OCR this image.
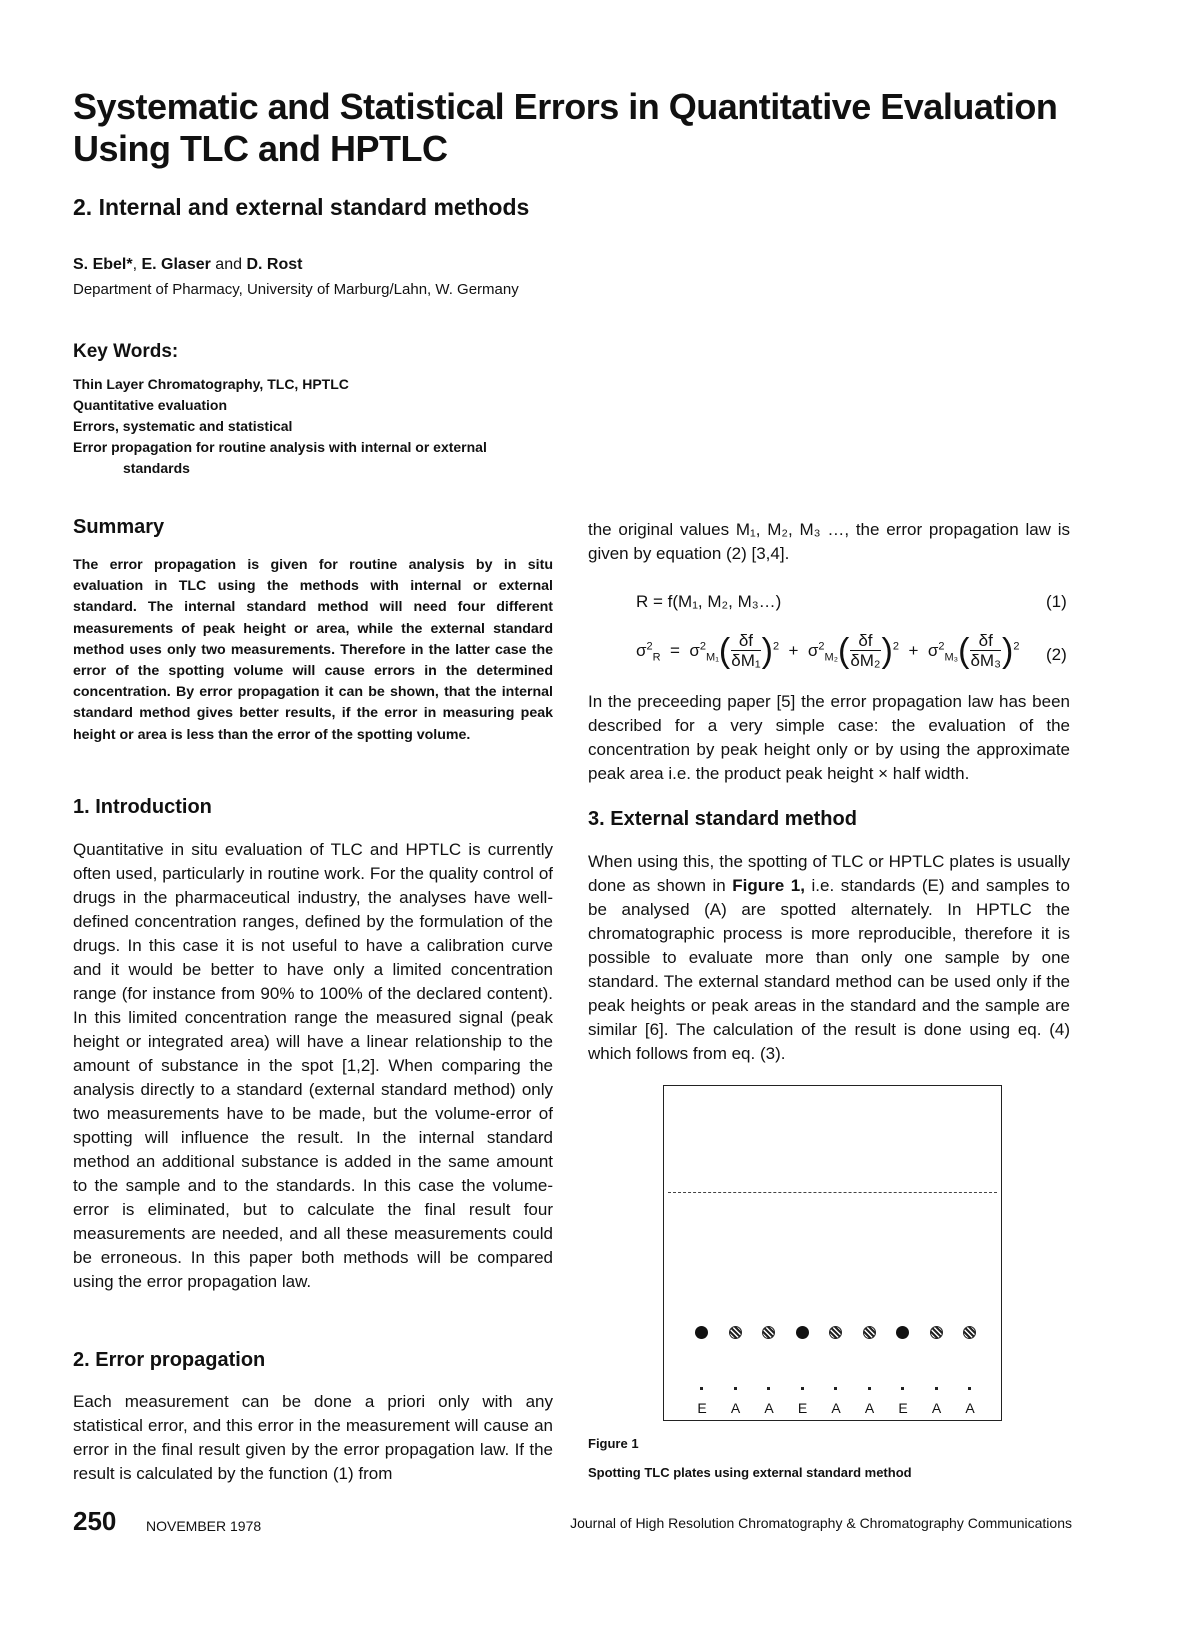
Systematic and Statistical Errors in Quantitative Evaluation Using TLC and HPTLC
2. Internal and external standard methods
S. Ebel*, E. Glaser and D. Rost
Department of Pharmacy, University of Marburg/Lahn, W. Germany
Key Words:
Thin Layer Chromatography, TLC, HPTLC
Quantitative evaluation
Errors, systematic and statistical
Error propagation for routine analysis with internal or external
standards
Summary
The error propagation is given for routine analysis by in situ evaluation in TLC using the methods with internal or external standard. The internal standard method will need four different measurements of peak height or area, while the external standard method uses only two measurements. Therefore in the latter case the error of the spotting volume will cause errors in the determined concentration. By error propagation it can be shown, that the internal standard method gives better results, if the error in measuring peak height or area is less than the error of the spotting volume.
1. Introduction
Quantitative in situ evaluation of TLC and HPTLC is currently often used, particularly in routine work. For the quality control of drugs in the pharmaceutical industry, the analyses have well-defined concentration ranges, defined by the formulation of the drugs. In this case it is not useful to have a calibration curve and it would be better to have only a limited concentration range (for instance from 90% to 100% of the declared content). In this limited concentration range the measured signal (peak height or integrated area) will have a linear relationship to the amount of substance in the spot [1,2]. When comparing the analysis directly to a standard (external standard method) only two measurements have to be made, but the volume-error of spotting will influence the result. In the internal standard method an additional substance is added in the same amount to the sample and to the standards. In this case the volume-error is eliminated, but to calculate the final result four measurements are needed, and all these measurements could be erroneous. In this paper both methods will be compared using the error propagation law.
2. Error propagation
Each measurement can be done a priori only with any statistical error, and this error in the measurement will cause an error in the final result given by the error propagation law. If the result is calculated by the function (1) from
the original values M₁, M₂, M₃ …, the error propagation law is given by equation (2) [3,4].
R = f(M₁, M₂, M₃…)	(1)
$\sigma^2_R = \sigma^2_{M_1}( \frac{\delta f}{\text{δM₁}} )^2 + \sigma^2_{M_2}( \frac{\delta f}{\text{δM₂}} )^2 + \sigma^2_{M_3}( \frac{\delta f}{\text{δM₃}} )^2$ (2)
In the preceeding paper [5] the error propagation law has been described for a very simple case: the evaluation of the concentration by peak height only or by using the approximate peak area i.e. the product peak height × half width.
3. External standard method
When using this, the spotting of TLC or HPTLC plates is usually done as shown in Figure 1, i.e. standards (E) and samples to be analysed (A) are spotted alternately. In HPTLC the chromatographic process is more reproducible, therefore it is possible to evaluate more than only one sample by one standard. The external standard method can be used only if the peak heights or peak areas in the standard and the sample are similar [6]. The calculation of the result is done using eq. (4) which follows from eq. (3).
E	A	A	E	A	A	E	A	A
Figure 1
Spotting TLC plates using external standard method
250 NOVEMBER 1978	Journal of High Resolution Chromatography & Chromatography Communications
